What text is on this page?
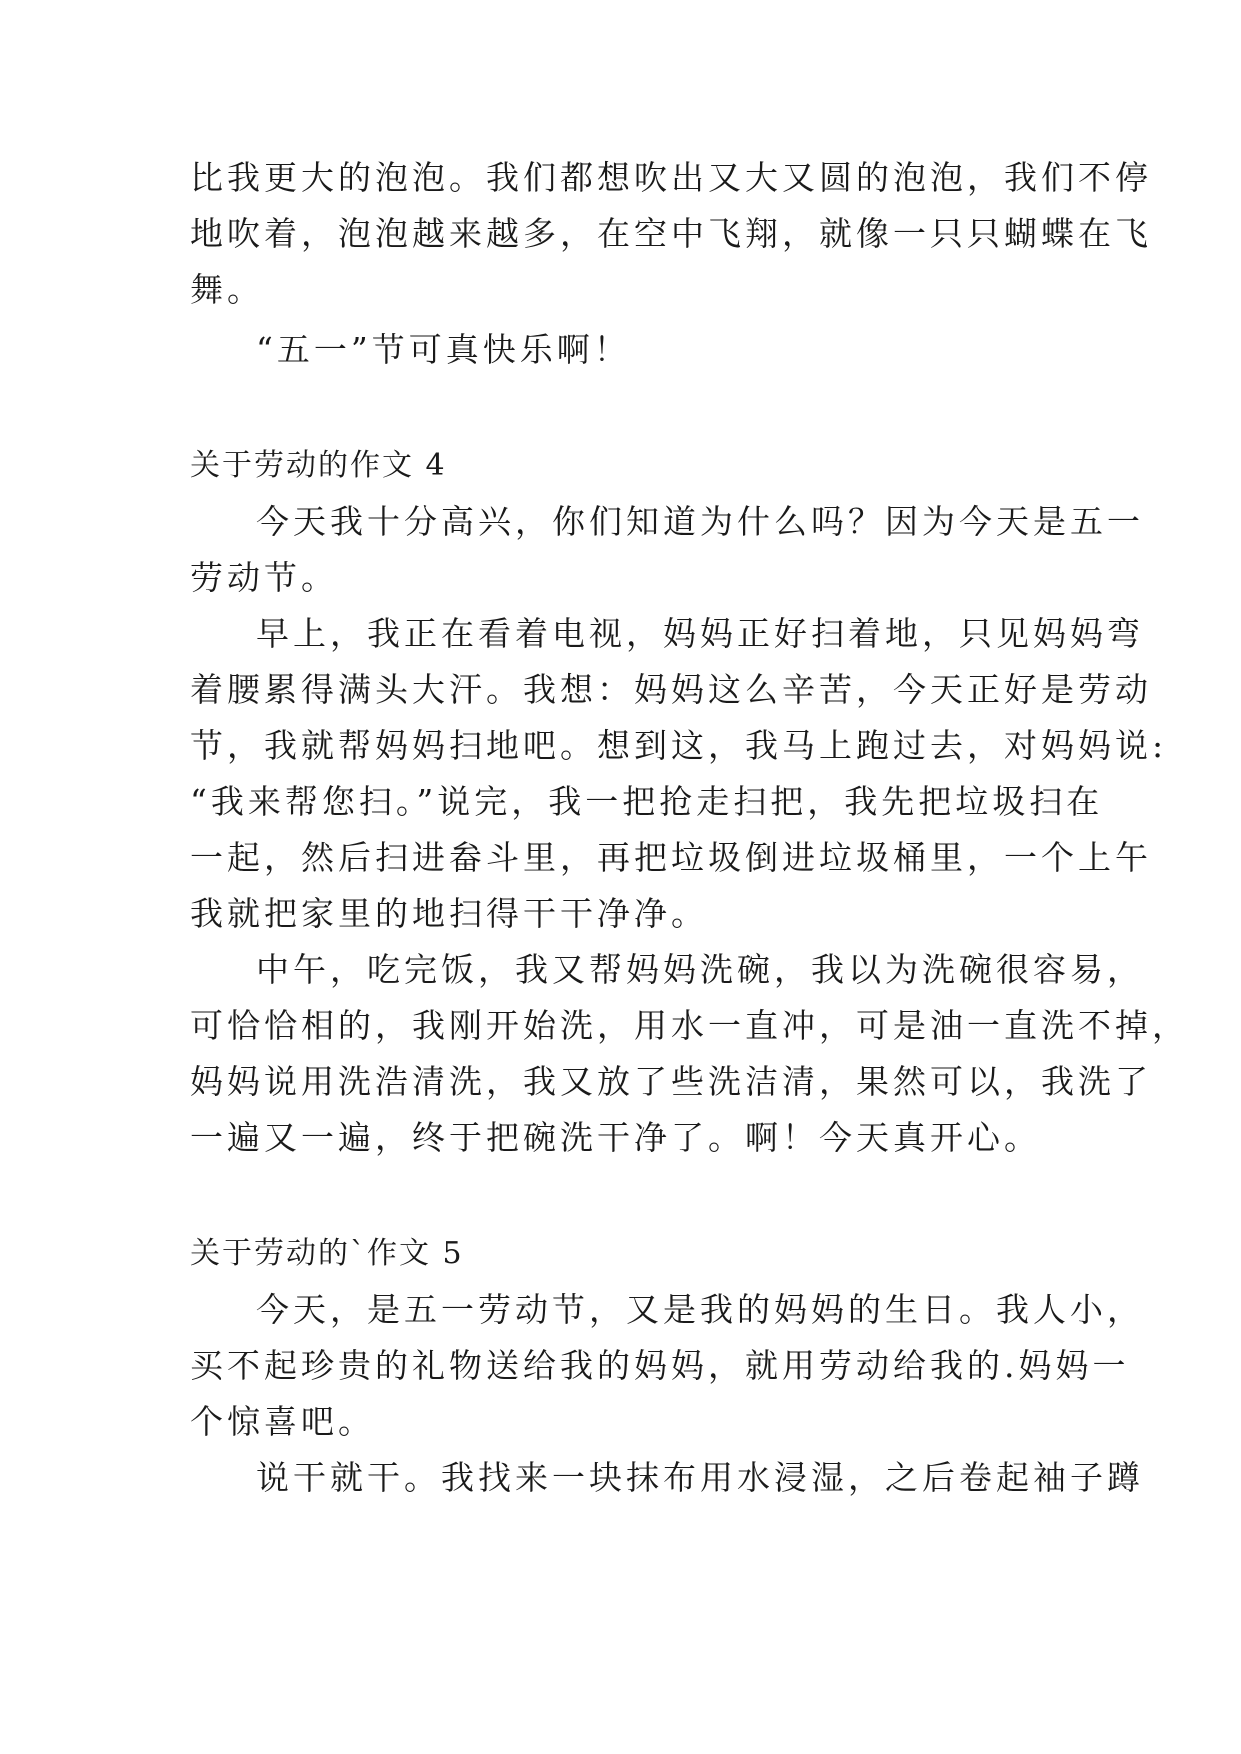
比我更大的泡泡。我们都想吹出又大又圆的泡泡，我们不停
地吹着，泡泡越来越多，在空中飞翔，就像一只只蝴蝶在飞
舞。
“五一”节可真快乐啊！
关于劳动的作文 4
今天我十分高兴，你们知道为什么吗？因为今天是五一
劳动节。
早上，我正在看着电视，妈妈正好扫着地，只见妈妈弯
着腰累得满头大汗。我想：妈妈这么辛苦，今天正好是劳动
节，我就帮妈妈扫地吧。想到这，我马上跑过去，对妈妈说:
“我来帮您扫。”说完，我一把抢走扫把，我先把垃圾扫在
一起，然后扫进畚斗里，再把垃圾倒进垃圾桶里，一个上午
我就把家里的地扫得干干净净。
中午，吃完饭，我又帮妈妈洗碗，我以为洗碗很容易，
可恰恰相的，我刚开始洗，用水一直冲，可是油一直洗不掉，
妈妈说用洗浩清洗，我又放了些洗洁清，果然可以，我洗了
一遍又一遍，终于把碗洗干净了。啊！今天真开心。
关于劳动的`作文 5
今天，是五一劳动节，又是我的妈妈的生日。我人小，
买不起珍贵的礼物送给我的妈妈，就用劳动给我的.妈妈一
个惊喜吧。
说干就干。我找来一块抹布用水浸湿，之后卷起袖子蹲
